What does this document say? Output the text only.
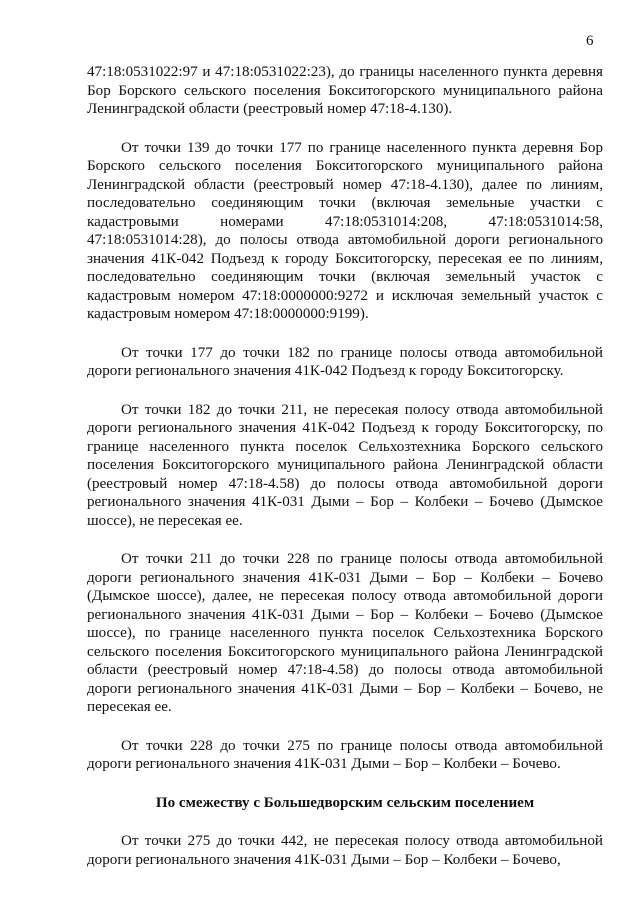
6

47:18:0531022:97 и 47:18:0531022:23), до границы населенного пункта деревня Бор Борского сельского поселения Бокситогорского муниципального района Ленинградской области (реестровый номер 47:18-4.130).

От точки 139 до точки 177 по границе населенного пункта деревня Бор Борского сельского поселения Бокситогорского муниципального района Ленинградской области (реестровый номер 47:18-4.130), далее по линиям, последовательно соединяющим точки (включая земельные участки с кадастровыми номерами 47:18:0531014:208, 47:18:0531014:58, 47:18:0531014:28), до полосы отвода автомобильной дороги регионального значения 41К-042 Подъезд к городу Бокситогорску, пересекая ее по линиям, последовательно соединяющим точки (включая земельный участок с кадастровым номером 47:18:0000000:9272 и исключая земельный участок с кадастровым номером 47:18:0000000:9199).

От точки 177 до точки 182 по границе полосы отвода автомобильной дороги регионального значения 41К-042 Подъезд к городу Бокситогорску.

От точки 182 до точки 211, не пересекая полосу отвода автомобильной дороги регионального значения 41К-042 Подъезд к городу Бокситогорску, по границе населенного пункта поселок Сельхозтехника Борского сельского поселения Бокситогорского муниципального района Ленинградской области (реестровый номер 47:18-4.58) до полосы отвода автомобильной дороги регионального значения 41К-031 Дыми – Бор – Колбеки – Бочево (Дымское шоссе), не пересекая ее.

От точки 211 до точки 228 по границе полосы отвода автомобильной дороги регионального значения 41К-031 Дыми – Бор – Колбеки – Бочево (Дымское шоссе), далее, не пересекая полосу отвода автомобильной дороги регионального значения 41К-031 Дыми – Бор – Колбеки – Бочево (Дымское шоссе), по границе населенного пункта поселок Сельхозтехника Борского сельского поселения Бокситогорского муниципального района Ленинградской области (реестровый номер 47:18-4.58) до полосы отвода автомобильной дороги регионального значения 41К-031 Дыми – Бор – Колбеки – Бочево, не пересекая ее.

От точки 228 до точки 275 по границе полосы отвода автомобильной дороги регионального значения 41К-031 Дыми – Бор – Колбеки – Бочево.

По смежеству с Большедворским сельским поселением

От точки 275 до точки 442, не пересекая полосу отвода автомобильной дороги регионального значения 41К-031 Дыми – Бор – Колбеки – Бочево,
